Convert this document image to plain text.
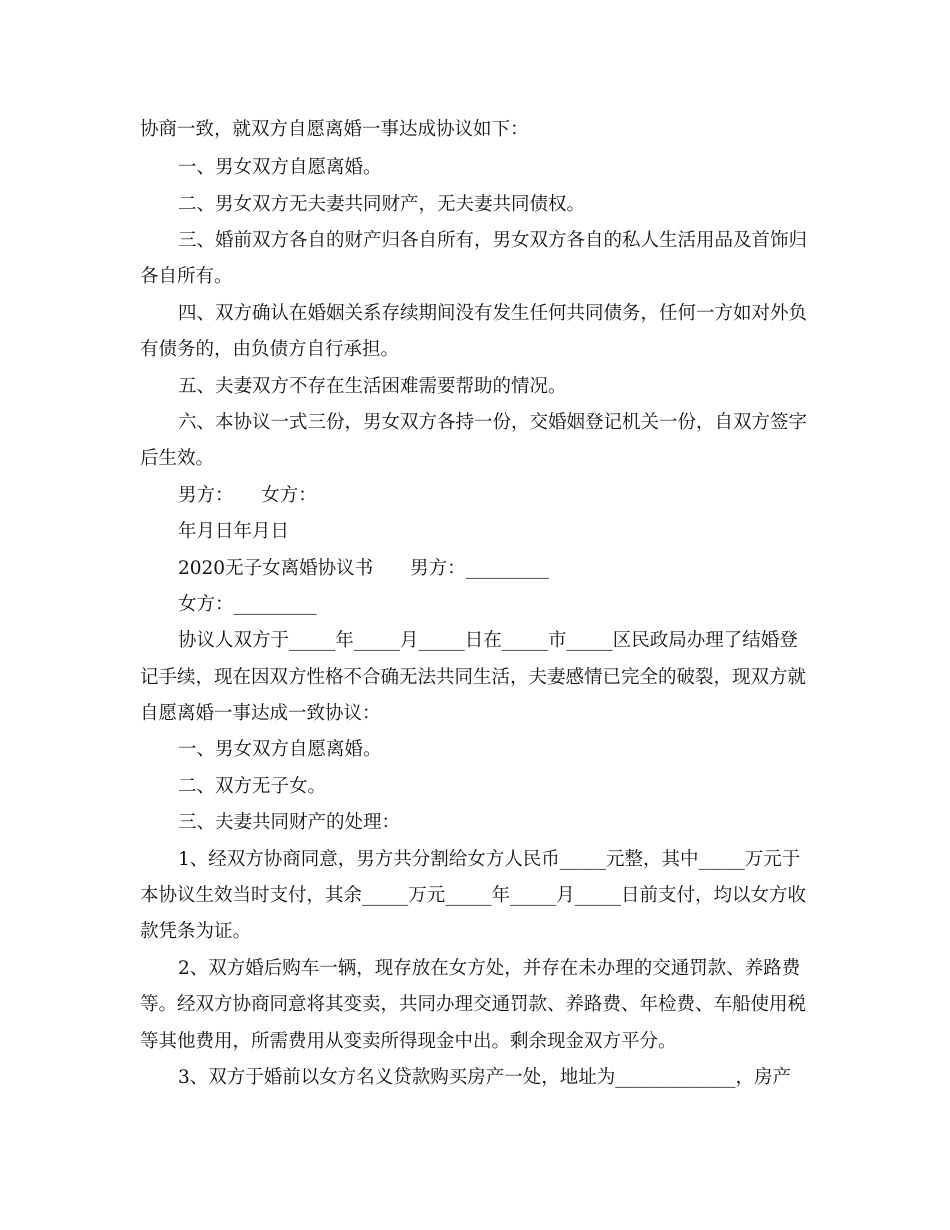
协商一致，就双方自愿离婚一事达成协议如下：
一、男女双方自愿离婚。
二、男女双方无夫妻共同财产，无夫妻共同债权。
三、婚前双方各自的财产归各自所有，男女双方各自的私人生活用品及首饰归
各自所有。
四、双方确认在婚姻关系存续期间没有发生任何共同债务，任何一方如对外负
有债务的，由负债方自行承担。
五、夫妻双方不存在生活困难需要帮助的情况。
六、本协议一式三份，男女双方各持一份，交婚姻登记机关一份，自双方签字
后生效。
男方：　　女方：
年月日年月日
2020无子女离婚协议书　　男方：_________
女方：_________
协议人双方于_____年_____月_____日在_____市_____区民政局办理了结婚登
记手续，现在因双方性格不合确无法共同生活，夫妻感情已完全的破裂，现双方就
自愿离婚一事达成一致协议：
一、男女双方自愿离婚。
二、双方无子女。
三、夫妻共同财产的处理：
1、经双方协商同意，男方共分割给女方人民币_____元整，其中_____万元于
本协议生效当时支付，其余_____万元_____年_____月_____日前支付，均以女方收
款凭条为证。
2、双方婚后购车一辆，现存放在女方处，并存在未办理的交通罚款、养路费
等。经双方协商同意将其变卖，共同办理交通罚款、养路费、年检费、车船使用税
等其他费用，所需费用从变卖所得现金中出。剩余现金双方平分。
3、双方于婚前以女方名义贷款购买房产一处，地址为_____________，房产
